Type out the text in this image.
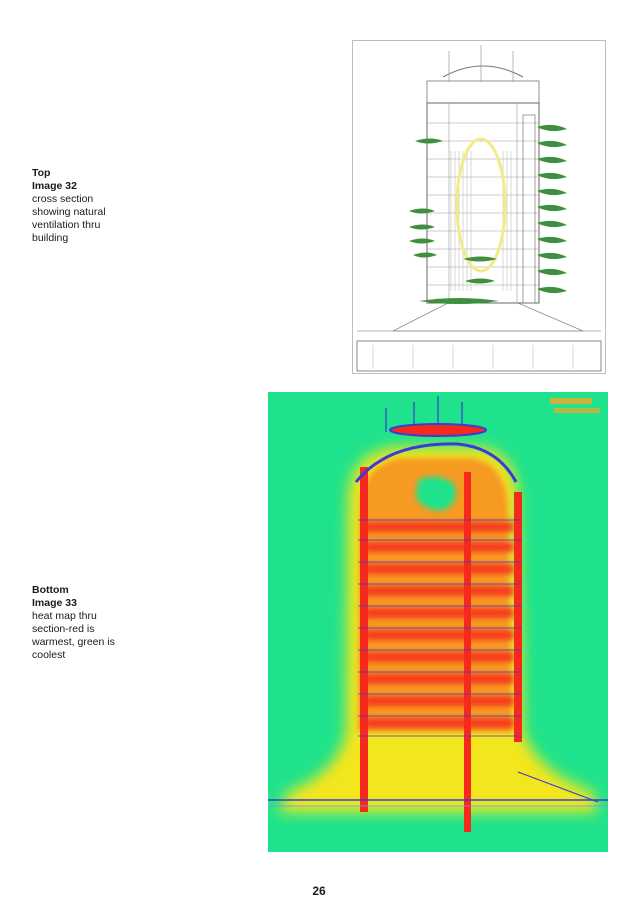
Top
Image 32
cross section
showing natural
ventilation thru
building
Bottom
Image 33
heat map thru
section-red is
warmest, green is
coolest
26
